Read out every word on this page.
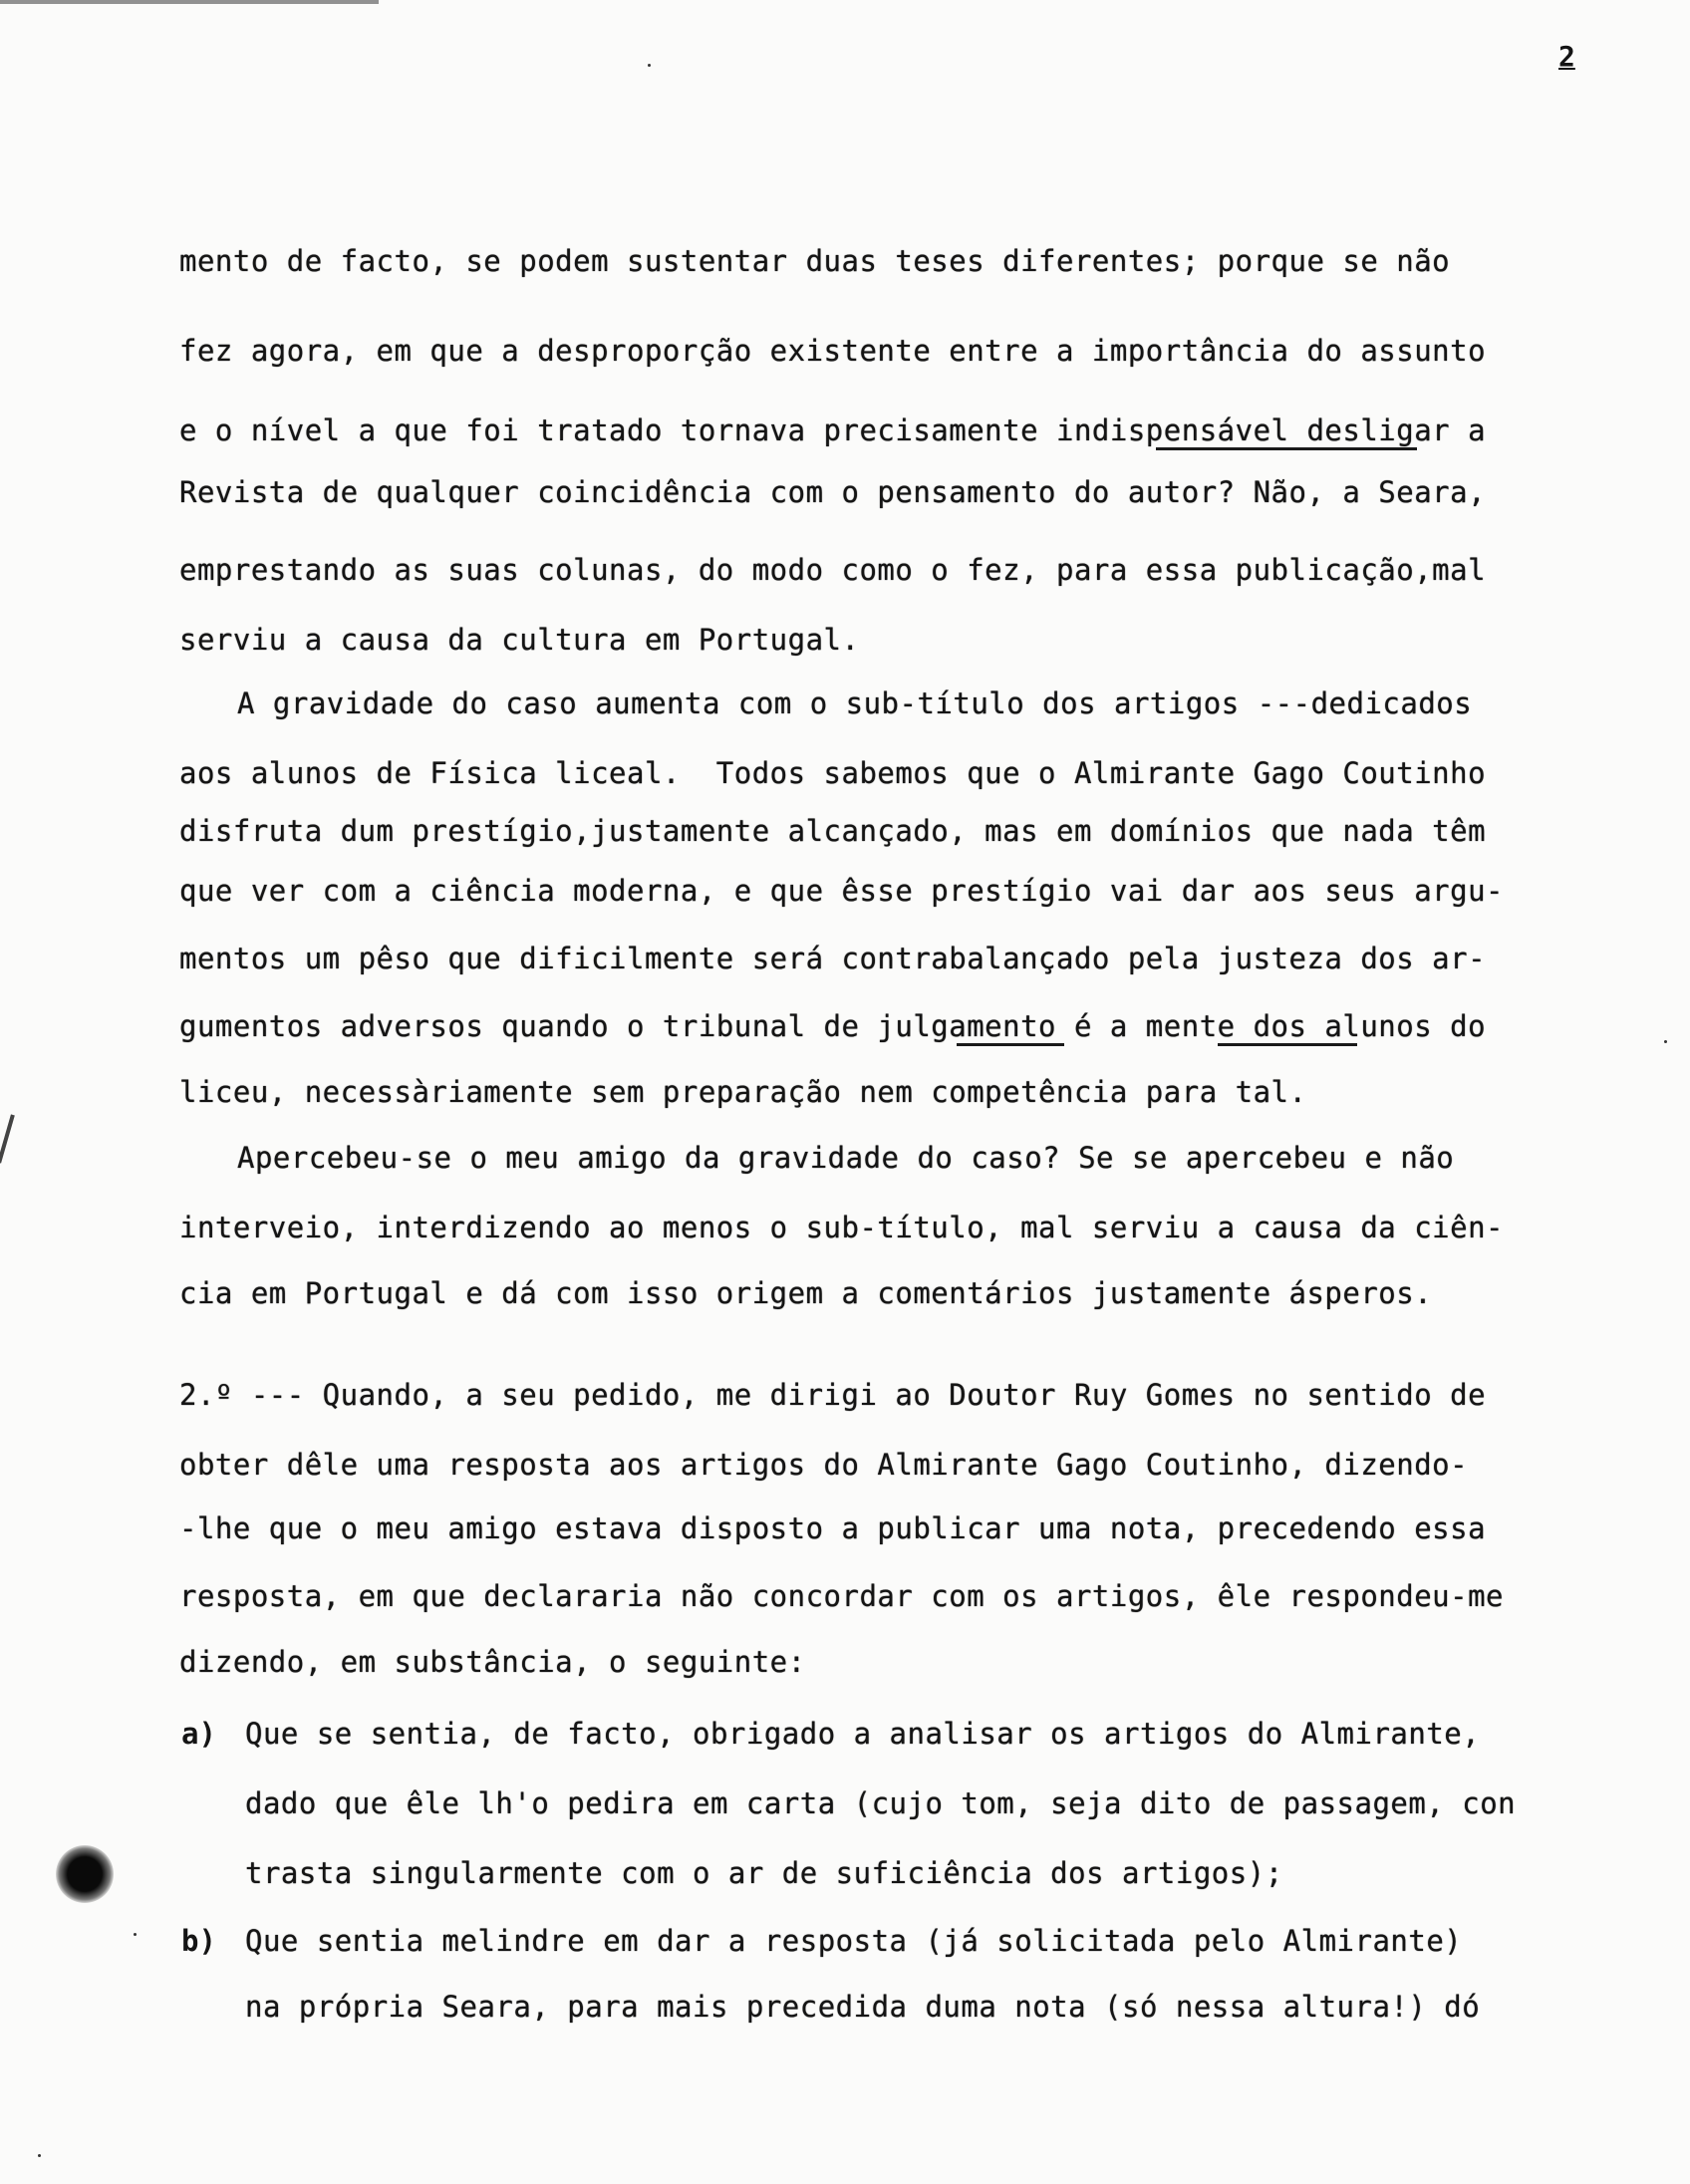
2
mento de facto, se podem sustentar duas teses diferentes; porque se não
fez agora, em que a desproporção existente entre a importância do assunto
e o nível a que foi tratado tornava precisamente indispensável desligar a
Revista de qualquer coincidência com o pensamento do autor? Não, a Seara,
emprestando as suas colunas, do modo como o fez, para essa publicação,mal
serviu a causa da cultura em Portugal.
A gravidade do caso aumenta com o sub-título dos artigos ---dedicados
aos alunos de Física liceal.  Todos sabemos que o Almirante Gago Coutinho
disfruta dum prestígio,justamente alcançado, mas em domínios que nada têm
que ver com a ciência moderna, e que êsse prestígio vai dar aos seus argu-
mentos um pêso que dificilmente será contrabalançado pela justeza dos ar-
gumentos adversos quando o tribunal de julgamento é a mente dos alunos do
liceu, necessàriamente sem preparação nem competência para tal.
Apercebeu-se o meu amigo da gravidade do caso? Se se apercebeu e não
interveio, interdizendo ao menos o sub-título, mal serviu a causa da ciên-
cia em Portugal e dá com isso origem a comentários justamente ásperos.
2.º --- Quando, a seu pedido, me dirigi ao Doutor Ruy Gomes no sentido de
obter dêle uma resposta aos artigos do Almirante Gago Coutinho, dizendo-
-lhe que o meu amigo estava disposto a publicar uma nota, precedendo essa
resposta, em que declararia não concordar com os artigos, êle respondeu-me
dizendo, em substância, o seguinte:
a) Que se sentia, de facto, obrigado a analisar os artigos do Almirante,
dado que êle lh'o pedira em carta (cujo tom, seja dito de passagem, con
trasta singularmente com o ar de suficiência dos artigos);
b) Que sentia melindre em dar a resposta (já solicitada pelo Almirante)
na própria Seara, para mais precedida duma nota (só nessa altura!) dó
